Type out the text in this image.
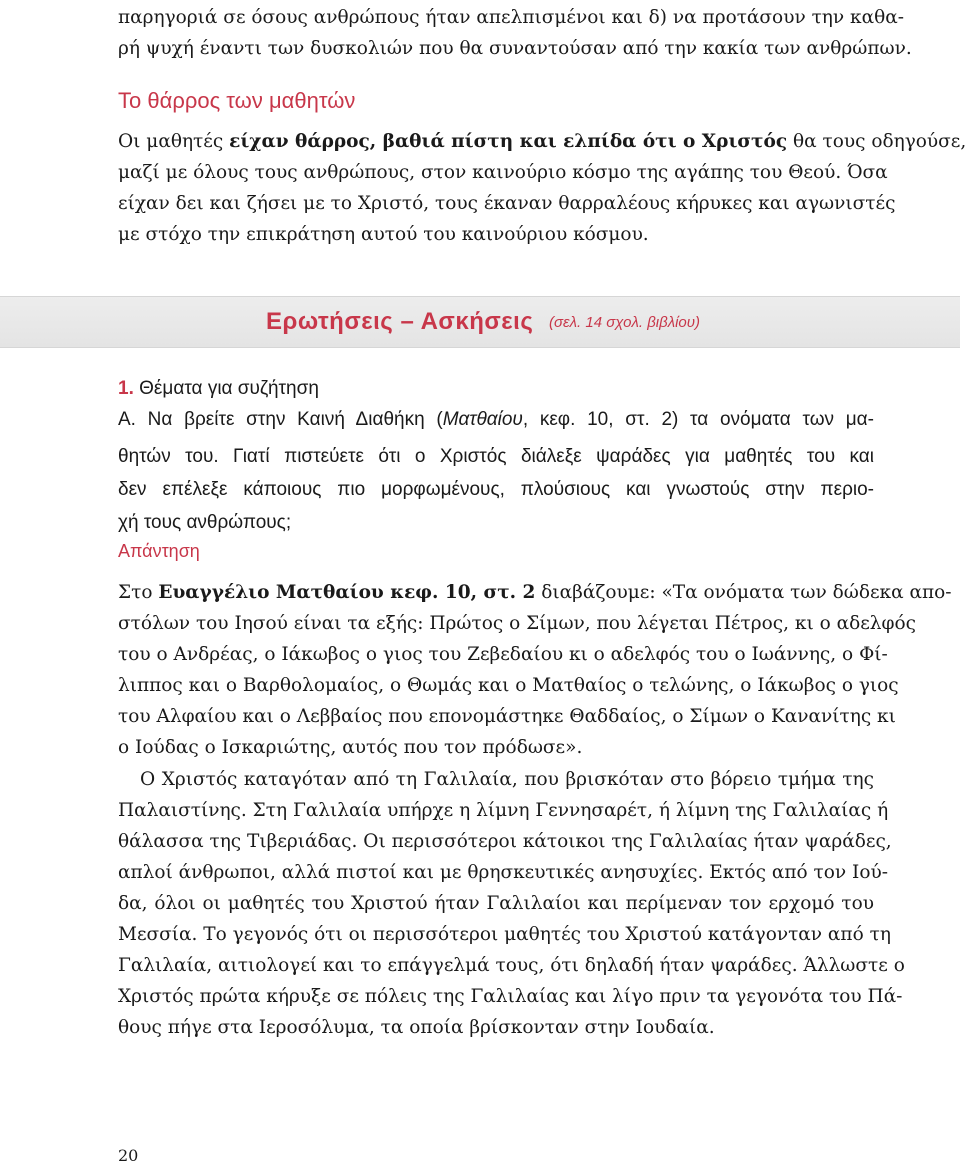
παρηγοριά σε όσους ανθρώπους ήταν απελπισμένοι και δ) να προτάσουν την καθα-
ρή ψυχή έναντι των δυσκολιών που θα συναντούσαν από την κακία των ανθρώπων.
Το θάρρος των μαθητών
Οι μαθητές είχαν θάρρος, βαθιά πίστη και ελπίδα ότι ο Χριστός θα τους οδηγούσε,
μαζί με όλους τους ανθρώπους, στον καινούριο κόσμο της αγάπης του Θεού. Όσα
είχαν δει και ζήσει με το Χριστό, τους έκαναν θαρραλέους κήρυκες και αγωνιστές
με στόχο την επικράτηση αυτού του καινούριου κόσμου.
Ερωτήσεις – Ασκήσεις (σελ. 14 σχολ. βιβλίου)
1. Θέματα για συζήτηση
Α. Να βρείτε στην Καινή Διαθήκη (Ματθαίου, κεφ. 10, στ. 2) τα ονόματα των μα-
θητών του. Γιατί πιστεύετε ότι ο Χριστός διάλεξε ψαράδες για μαθητές του και
δεν επέλεξε κάποιους πιο μορφωμένους, πλούσιους και γνωστούς στην περιο-
χή τους ανθρώπους;
Απάντηση
Στο Ευαγγέλιο Ματθαίου κεφ. 10, στ. 2 διαβάζουμε: «Τα ονόματα των δώδεκα απο-
στόλων του Ιησού είναι τα εξής: Πρώτος ο Σίμων, που λέγεται Πέτρος, κι ο αδελφός
του ο Ανδρέας, ο Ιάκωβος ο γιος του Ζεβεδαίου κι ο αδελφός του ο Ιωάννης, ο Φί-
λιππος και ο Βαρθολομαίος, ο Θωμάς και ο Ματθαίος ο τελώνης, ο Ιάκωβος ο γιος
του Αλφαίου και ο Λεββαίος που επονομάστηκε Θαδδαίος, ο Σίμων ο Κανανίτης κι
ο Ιούδας ο Ισκαριώτης, αυτός που τον πρόδωσε».
Ο Χριστός καταγόταν από τη Γαλιλαία, που βρισκόταν στο βόρειο τμήμα της
Παλαιστίνης. Στη Γαλιλαία υπήρχε η λίμνη Γεννησαρέτ, ή λίμνη της Γαλιλαίας ή
θάλασσα της Τιβεριάδας. Οι περισσότεροι κάτοικοι της Γαλιλαίας ήταν ψαράδες,
απλοί άνθρωποι, αλλά πιστοί και με θρησκευτικές ανησυχίες. Εκτός από τον Ιού-
δα, όλοι οι μαθητές του Χριστού ήταν Γαλιλαίοι και περίμεναν τον ερχομό του
Μεσσία. Το γεγονός ότι οι περισσότεροι μαθητές του Χριστού κατάγονταν από τη
Γαλιλαία, αιτιολογεί και το επάγγελμά τους, ότι δηλαδή ήταν ψαράδες. Άλλωστε ο
Χριστός πρώτα κήρυξε σε πόλεις της Γαλιλαίας και λίγο πριν τα γεγονότα του Πά-
θους πήγε στα Ιεροσόλυμα, τα οποία βρίσκονταν στην Ιουδαία.
20
